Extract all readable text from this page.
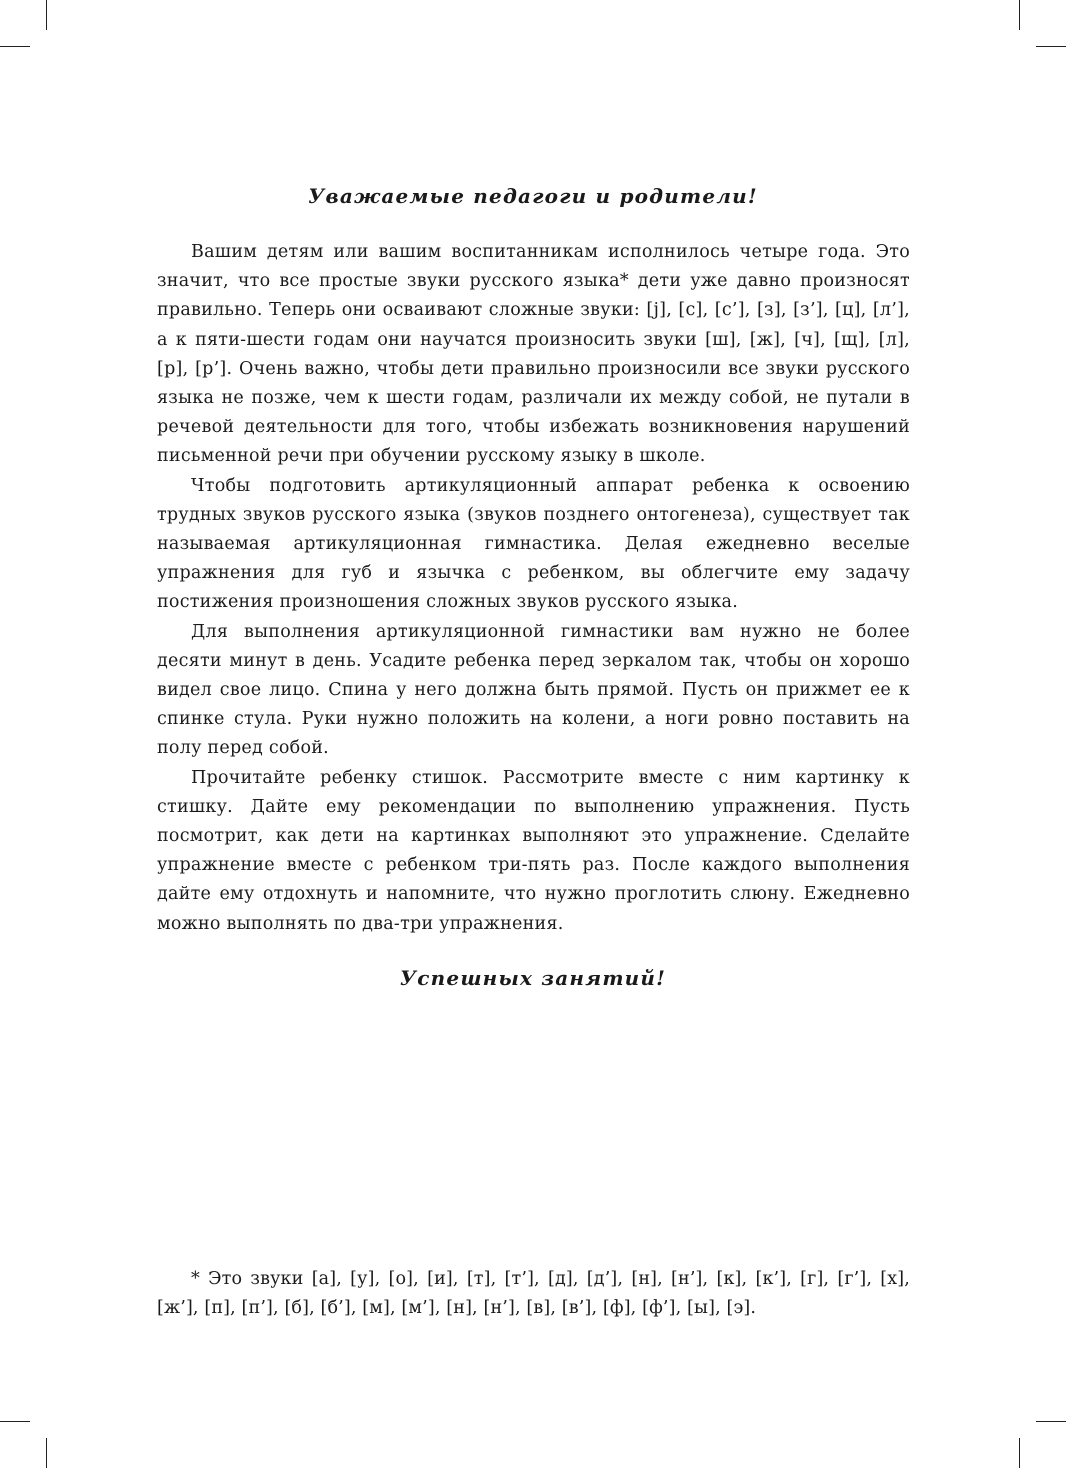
Уважаемые педагоги и родители!

Вашим детям или вашим воспитанникам исполнилось четыре года. Это значит, что все простые звуки русского языка* дети уже давно произносят правильно. Теперь они осваивают сложные звуки: [j], [с], [с’], [з], [з’], [ц], [л’], а к пяти-шести годам они научатся произносить звуки [ш], [ж], [ч], [щ], [л], [р], [р’]. Очень важно, чтобы дети правильно произносили все звуки русского языка не позже, чем к шести годам, различали их между собой, не путали в речевой деятельности для того, чтобы избежать возникновения нарушений письменной речи при обучении русскому языку в школе.

Чтобы подготовить артикуляционный аппарат ребенка к освоению трудных звуков русского языка (звуков позднего онтогенеза), существует так называемая артикуляционная гимнастика. Делая ежедневно веселые упражнения для губ и язычка с ребенком, вы облегчите ему задачу постижения произношения сложных звуков русского языка.

Для выполнения артикуляционной гимнастики вам нужно не более десяти минут в день. Усадите ребенка перед зеркалом так, чтобы он хорошо видел свое лицо. Спина у него должна быть прямой. Пусть он прижмет ее к спинке стула. Руки нужно положить на колени, а ноги ровно поставить на полу перед собой.

Прочитайте ребенку стишок. Рассмотрите вместе с ним картинку к стишку. Дайте ему рекомендации по выполнению упражнения. Пусть посмотрит, как дети на картинках выполняют это упражнение. Сделайте упражнение вместе с ребенком три-пять раз. После каждого выполнения дайте ему отдохнуть и напомните, что нужно проглотить слюну. Ежедневно можно выполнять по два-три упражнения.

Успешных занятий!

* Это звуки [а], [у], [о], [и], [т], [т’], [д], [д’], [н], [н’], [к], [к’], [г], [г’], [х], [ж’], [п], [п’], [б], [б’], [м], [м’], [н], [н’], [в], [в’], [ф], [ф’], [ы], [э].
